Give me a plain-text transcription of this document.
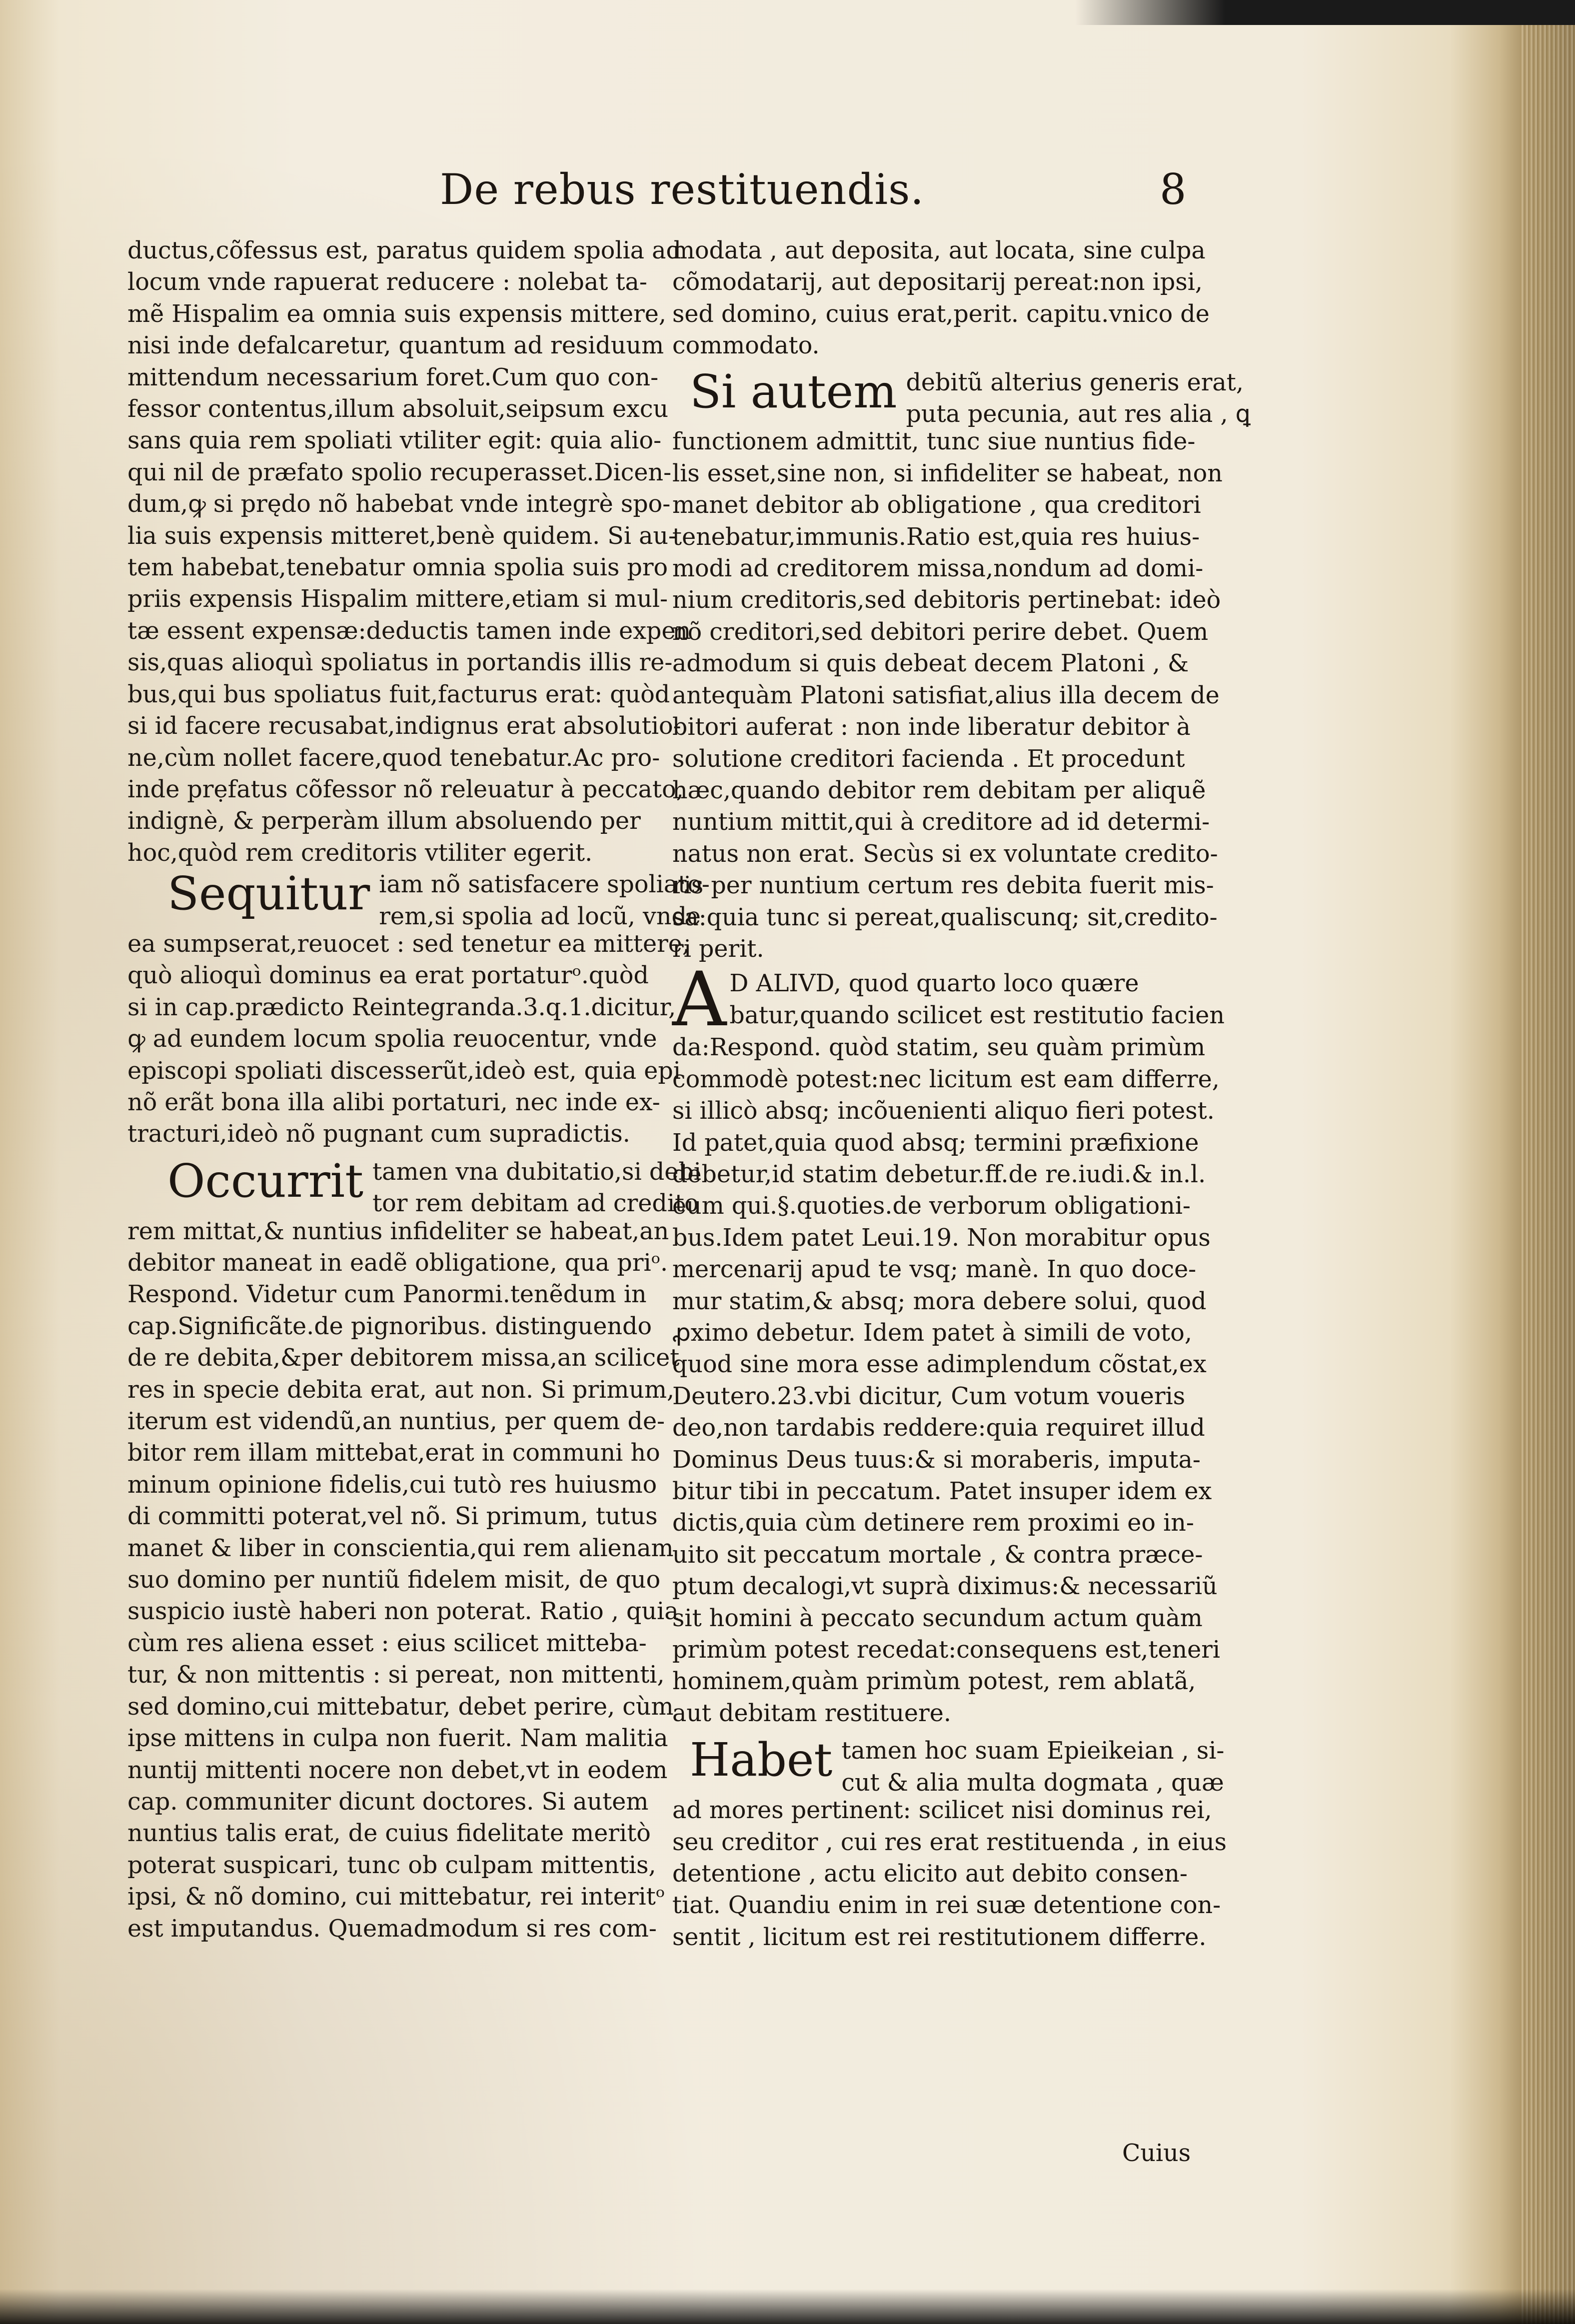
De rebus restituendis.	8
ductus,cõfessus est, paratus quidem spolia ad
locum vnde rapuerat reducere : nolebat ta-
mẽ Hispalim ea omnia suis expensis mittere,
nisi inde defalcaretur, quantum ad residuum
mittendum necessarium foret.Cum quo con-
fessor contentus,illum absoluit,seipsum excu
sans quia rem spoliati vtiliter egit: quia alio-
qui nil de præfato spolio recuperasset.Dicen-
dum,ꝙ si prędo nõ habebat vnde integrè spo-
lia suis expensis mitteret,benè quidem. Si au-
tem habebat,tenebatur omnia spolia suis pro
priis expensis Hispalim mittere,etiam si mul-
tæ essent expensæ:deductis tamen inde expen
sis,quas alioquì spoliatus in portandis illis re-
bus,qui bus spoliatus fuit,facturus erat: quòd
si id facere recusabat,indignus erat absolutio-
ne,cùm nollet facere,quod tenebatur.Ac pro-
inde prẹfatus cõfessor nõ releuatur à peccato,
indignè, & perperàm illum absoluendo per
hoc,quòd rem creditoris vtiliter egerit.
Sequitur iam nõ satisfacere spoliato-
rem,si spolia ad locũ, vnde
ea sumpserat,reuocet : sed tenetur ea mittere,
quò alioquì dominus ea erat portaturᵒ.quòd
si in cap.prædicto Reintegranda.3.q.1.dicitur,
ꝙ ad eundem locum spolia reuocentur, vnde
episcopi spoliati discesserũt,ideò est, quia epi
nõ erãt bona illa alibi portaturi, nec inde ex-
tracturi,ideò nõ pugnant cum supradictis.
Occurrit tamen vna dubitatio,si debi
tor rem debitam ad credito
rem mittat,& nuntius infideliter se habeat,an
debitor maneat in eadẽ obligatione, qua priᵒ.
Respond. Videtur cum Panormi.tenẽdum in
cap.Significãte.de pignoribus. distinguendo
de re debita,&per debitorem missa,an scilicet
res in specie debita erat, aut non. Si primum,
iterum est videndũ,an nuntius, per quem de-
bitor rem illam mittebat,erat in communi ho
minum opinione fidelis,cui tutò res huiusmo
di committi poterat,vel nõ. Si primum, tutus
manet & liber in conscientia,qui rem alienam
suo domino per nuntiũ fidelem misit, de quo
suspicio iustè haberi non poterat. Ratio , quia
cùm res aliena esset : eius scilicet mitteba-
tur, & non mittentis : si pereat, non mittenti,
sed domino,cui mittebatur, debet perire, cùm
ipse mittens in culpa non fuerit. Nam malitia
nuntij mittenti nocere non debet,vt in eodem
cap. communiter dicunt doctores. Si autem
nuntius talis erat, de cuius fidelitate meritò
poterat suspicari, tunc ob culpam mittentis,
ipsi, & nõ domino, cui mittebatur, rei interitᵒ
est imputandus. Quemadmodum si res com-
modata , aut deposita, aut locata, sine culpa
cõmodatarij, aut depositarij pereat:non ipsi,
sed domino, cuius erat,perit. capitu.vnico de
commodato.
Si autem debitũ alterius generis erat,
puta pecunia, aut res alia , ꝗ
functionem admittit, tunc siue nuntius fide-
lis esset,sine non, si infideliter se habeat, non
manet debitor ab obligatione , qua creditori
tenebatur,immunis.Ratio est,quia res huius-
modi ad creditorem missa,nondum ad domi-
nium creditoris,sed debitoris pertinebat: ideò
nõ creditori,sed debitori perire debet. Quem
admodum si quis debeat decem Platoni , &
antequàm Platoni satisfiat,alius illa decem de
bitori auferat : non inde liberatur debitor à
solutione creditori facienda . Et procedunt
hæc,quando debitor rem debitam per aliquẽ
nuntium mittit,qui à creditore ad id determi-
natus non erat. Secùs si ex voluntate credito-
ris per nuntium certum res debita fuerit mis-
sa:quia tunc si pereat,qualiscunq; sit,credito-
ri perit.
A D ALIVD, quod quarto loco quære
batur,quando scilicet est restitutio facien
da:Respond. quòd statim, seu quàm primùm
commodè potest:nec licitum est eam differre,
si illicò absq; incõuenienti aliquo fieri potest.
Id patet,quia quod absq; termini præfixione
debetur,id statim debetur.ff.de re.iudi.& in.l.
eum qui.§.quoties.de verborum obligationi-
bus.Idem patet Leui.19. Non morabitur opus
mercenarij apud te vsq; manè. In quo doce-
mur statim,& absq; mora debere solui, quod
ꝓximo debetur. Idem patet à simili de voto,
quod sine mora esse adimplendum cõstat,ex
Deutero.23.vbi dicitur, Cum votum voueris
deo,non tardabis reddere:quia requiret illud
Dominus Deus tuus:& si moraberis, imputa-
bitur tibi in peccatum. Patet insuper idem ex
dictis,quia cùm detinere rem proximi eo in-
uito sit peccatum mortale , & contra præce-
ptum decalogi,vt suprà diximus:& necessariũ
sit homini à peccato secundum actum quàm
primùm potest recedat:consequens est,teneri
hominem,quàm primùm potest, rem ablatã,
aut debitam restituere.
Habet tamen hoc suam Epieikeian , si-
cut & alia multa dogmata , quæ
ad mores pertinent: scilicet nisi dominus rei,
seu creditor , cui res erat restituenda , in eius
detentione , actu elicito aut debito consen-
tiat. Quandiu enim in rei suæ detentione con-
sentit , licitum est rei restitutionem differre.
Cuius
